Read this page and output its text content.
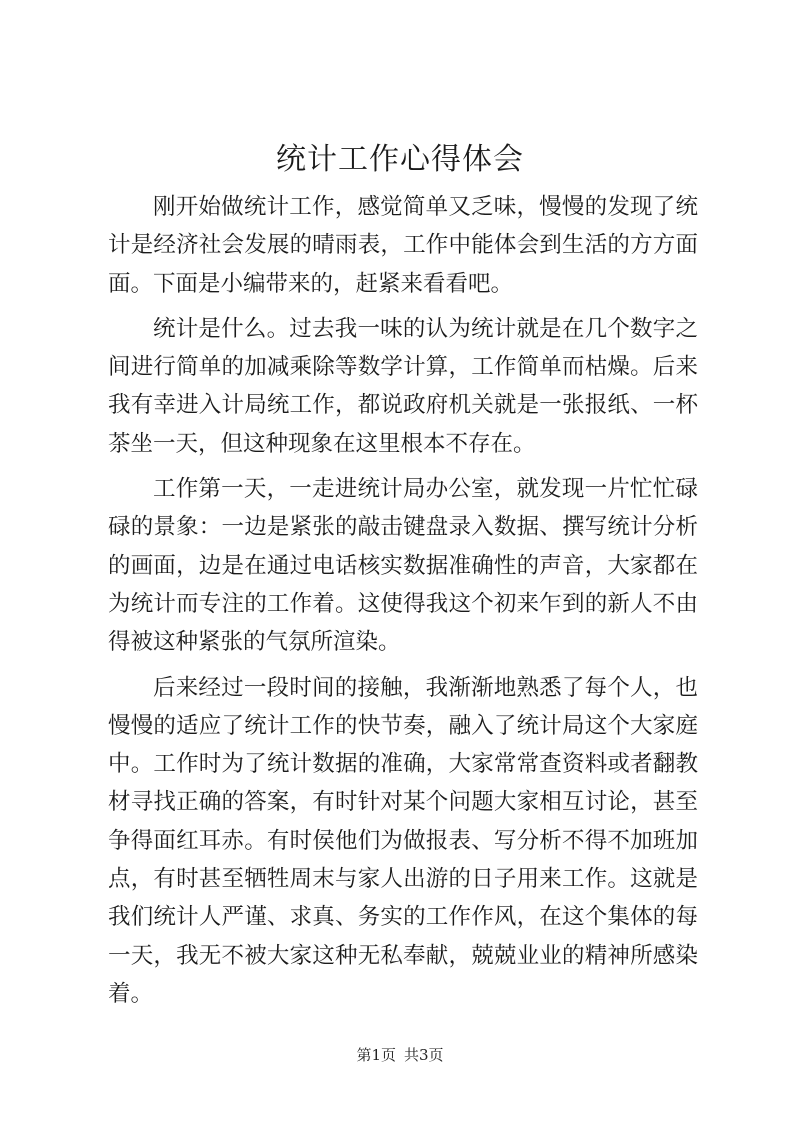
统计工作心得体会

刚开始做统计工作，感觉简单又乏味，慢慢的发现了统计是经济社会发展的晴雨表，工作中能体会到生活的方方面面。下面是小编带来的，赶紧来看看吧。

统计是什么。过去我一味的认为统计就是在几个数字之间进行简单的加减乘除等数学计算，工作简单而枯燥。后来我有幸进入计局统工作，都说政府机关就是一张报纸、一杯茶坐一天，但这种现象在这里根本不存在。

工作第一天，一走进统计局办公室，就发现一片忙忙碌碌的景象：一边是紧张的敲击键盘录入数据、撰写统计分析的画面，边是在通过电话核实数据准确性的声音，大家都在为统计而专注的工作着。这使得我这个初来乍到的新人不由得被这种紧张的气氛所渲染。

后来经过一段时间的接触，我渐渐地熟悉了每个人，也慢慢的适应了统计工作的快节奏，融入了统计局这个大家庭中。工作时为了统计数据的准确，大家常常查资料或者翻教材寻找正确的答案，有时针对某个问题大家相互讨论，甚至争得面红耳赤。有时侯他们为做报表、写分析不得不加班加点，有时甚至牺牲周末与家人出游的日子用来工作。这就是我们统计人严谨、求真、务实的工作作风，在这个集体的每一天，我无不被大家这种无私奉献，兢兢业业的精神所感染着。

第1页 共3页
